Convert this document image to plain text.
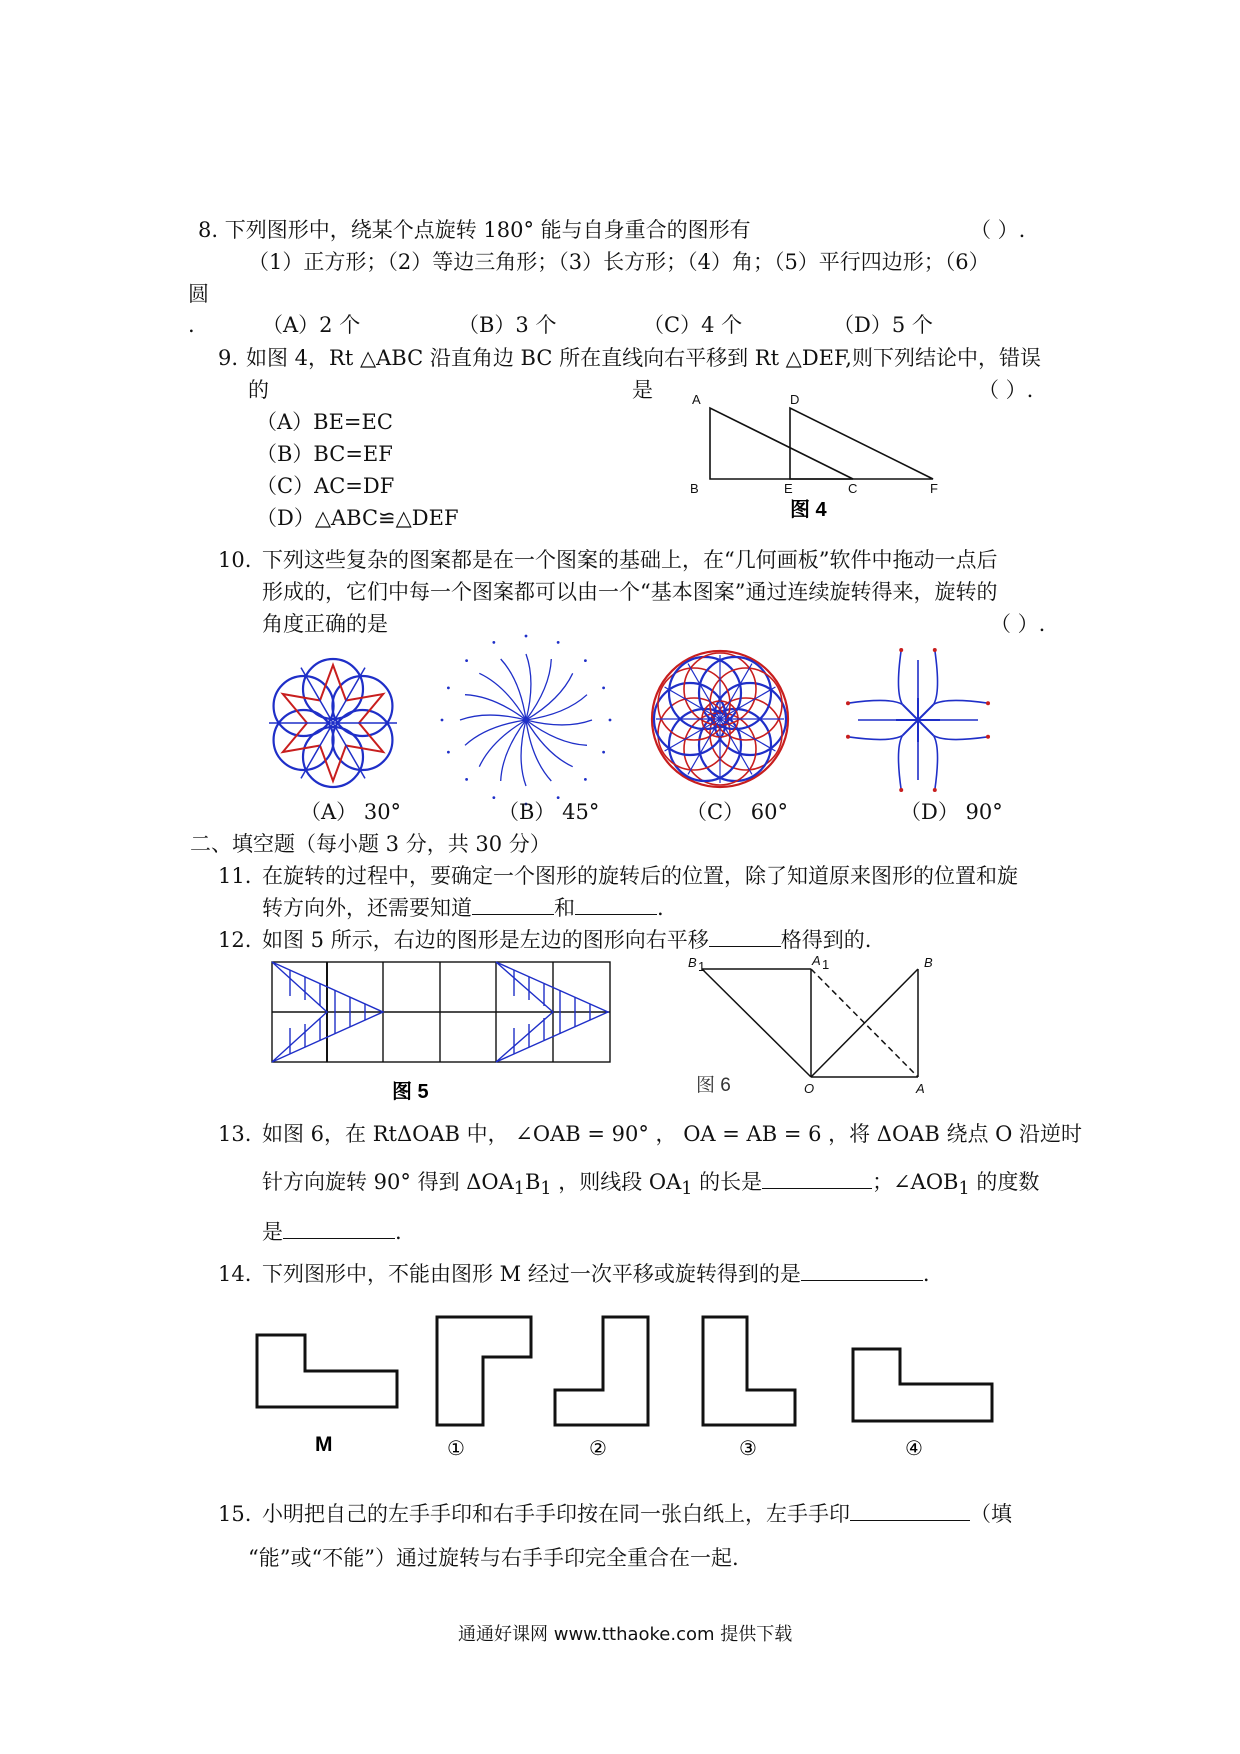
8. 下列图形中，绕某个点旋转 180° 能与自身重合的图形有	（ ）.
（1）正方形；（2）等边三角形；（3）长方形；（4）角；（5）平行四边形；（6）
圆
.	（A）2 个	（B）3 个	（C）4 个	（D）5 个
9. 如图 4，Rt △ABC 沿直角边 BC 所在直线向右平移到 Rt △DEF,则下列结论中，错误
的	是	（ ）.
（A）BE=EC
（B）BC=EF
（C）AC=DF
（D）△ABC≌△DEF
A	D
B	E	C	F
图 4
10. 下列这些复杂的图案都是在一个图案的基础上，在“几何画板”软件中拖动一点后
形成的，它们中每一个图案都可以由一个“基本图案”通过连续旋转得来，旋转的
角度正确的是	（ ）.
（A） 30°	（B） 45°	（C） 60°	（D） 90°
二、填空题（每小题 3 分，共 30 分）
11. 在旋转的过程中，要确定一个图形的旋转后的位置，除了知道原来图形的位置和旋
转方向外，还需要知道	和	.
12. 如图 5 所示，右边的图形是左边的图形向右平移	格得到的.
图 5
B 1	A 1	B
O	A
图 6
13. 如图 6，在 RtΔOAB 中， ∠OAB = 90° ， OA = AB = 6 ，将 ΔOAB 绕点 O 沿逆时
针方向旋转 90° 得到 $\Delta OA_1B_1$ ，则线段 $OA_1$ 的长是	；$\angle AOB_1$ 的度数
是	.
14. 下列图形中，不能由图形 M 经过一次平移或旋转得到的是	.
M	①	②	③	④
15. 小明把自己的左手手印和右手手印按在同一张白纸上，左手手印	（填
“能”或“不能”）通过旋转与右手手印完全重合在一起.
通通好课网 www.tthaoke.com 提供下载
